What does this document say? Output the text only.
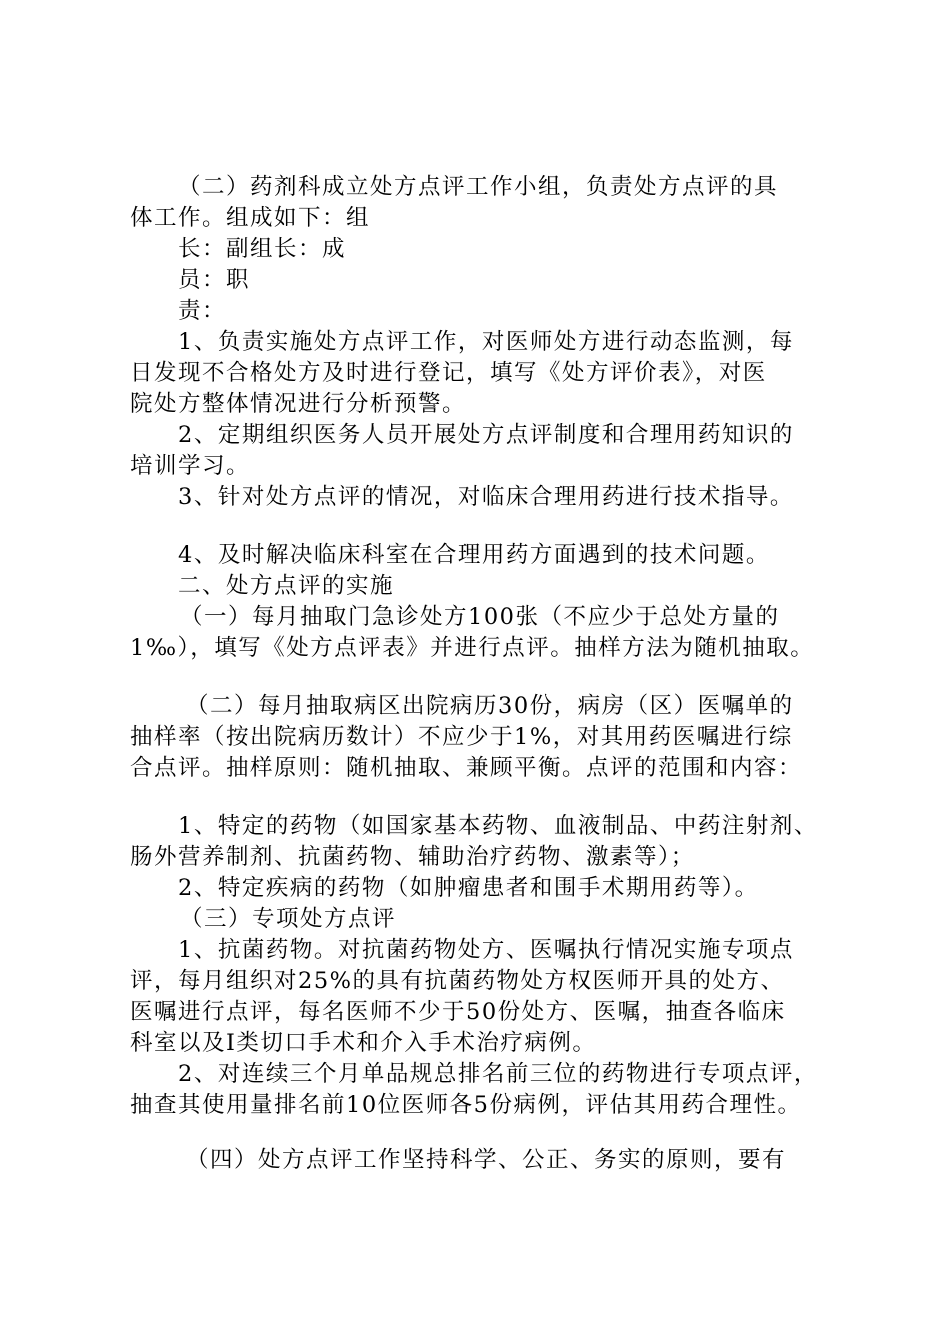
（二）药剂科成立处方点评工作小组，负责处方点评的具
体工作。组成如下：组
长：副组长：成
员：职
责：
1、负责实施处方点评工作，对医师处方进行动态监测，每
日发现不合格处方及时进行登记，填写《处方评价表》，对医
院处方整体情况进行分析预警。
2、定期组织医务人员开展处方点评制度和合理用药知识的
培训学习。
3、针对处方点评的情况，对临床合理用药进行技术指导。
4、及时解决临床科室在合理用药方面遇到的技术问题。
二、处方点评的实施
（一）每月抽取门急诊处方100张（不应少于总处方量的
1‰），填写《处方点评表》并进行点评。抽样方法为随机抽取。
（二）每月抽取病区出院病历30份，病房（区）医嘱单的
抽样率（按出院病历数计）不应少于1%，对其用药医嘱进行综
合点评。抽样原则：随机抽取、兼顾平衡。点评的范围和内容：
1、特定的药物（如国家基本药物、血液制品、中药注射剂、
肠外营养制剂、抗菌药物、辅助治疗药物、激素等）；
2、特定疾病的药物（如肿瘤患者和围手术期用药等）。
（三）专项处方点评
1、抗菌药物。对抗菌药物处方、医嘱执行情况实施专项点
评，每月组织对25%的具有抗菌药物处方权医师开具的处方、
医嘱进行点评，每名医师不少于50份处方、医嘱，抽查各临床
科室以及Ⅰ类切口手术和介入手术治疗病例。
2、对连续三个月单品规总排名前三位的药物进行专项点评，
抽查其使用量排名前10位医师各5份病例，评估其用药合理性。
（四）处方点评工作坚持科学、公正、务实的原则，要有
